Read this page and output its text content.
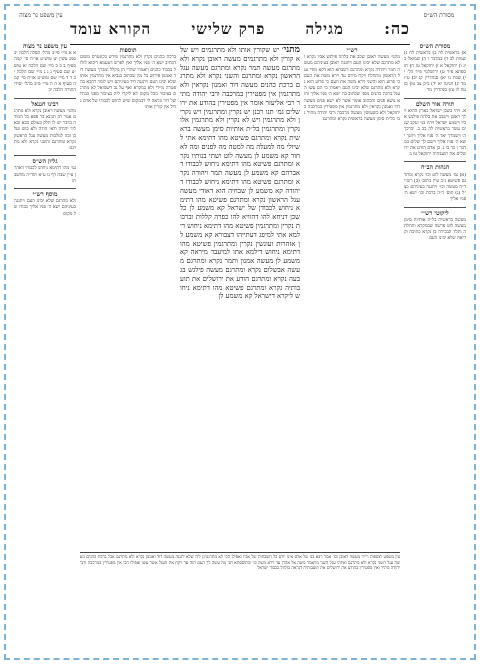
מסורת הש״ס
עין משפט נר מצוה
כה:
מגילה
פרק שלישי
הקורא עומד
מסורת הש״ס
א) בראשית לה ב) בראשית לח ג) שמות לב ד) במדבר ו ה) שמואל ב יג ו) יחזקאל א ז) יחזקאל טז ח) תוספתא פ״ד ט) ירושלמי פ״ד הל׳ י י) שבת נו יא) סנהדרין קג יב) ע״ז מד יג) חגיגה יא יד) ב״ק צב טו) סוטה לו טז) סנהדרין מד
תורה אור השלם
א. ויהי בשכן ישראל בארץ ההוא וילך ראובן וישכב את בלהה פילגש אביו וישמע ישראל ויהיו בני יעקב שנים עשר בראשית לה כב ב. יברכך ה׳ וישמרך יאר ה׳ פניו אליך ויחנך ישא ה׳ פניו אליך וישם לך שלום במדבר ו כד כו ג. בן אדם הודע את ירושלים את תועבתיה יחזקאל טז ב
הגהות הב״ח
(א) גמ׳ מעשה לוט וכו׳ נקרא ומתרגם פשיטא נ״ב עיין בתוס׳ (ב) רש״י ד״ה מעשה וכו׳ ויתגנה בעיניהם כצ״ל (ג) תוס׳ ד״ה ברכת וכו׳ ישא ה׳ פניו אליך
ליקוטי רש״י
מעשה בראשית בל״ת אותיות סימן מעשה לוט פרשה שבמקרא ותחלתה ותלד הבכירה בן נקרא כתיבה וקריאה שלא יבינו העם
רש״י
מתני׳ מעשה ראובן שכב את בלהה פילגש אביו נקרא ולא מתרגם שלא יבינו העם ויתגנה ראובן בעיניהם מעשה תמר ויהודה נקרא ומתרגם דשבחא הוא דקא מודי עגל הראשון מתחלת ויקח מידם עד וירא משה את העם כי פרוע הוא והשני וירא משה את העם כי פרוע הוא נקרא ולא מתרגם שלא יבינו העם ויאמרו כי הם עשו העגל ברכת כהנים מפני שכתוב בה ישא ה׳ פניו אליך והוא נושא פנים והכתוב אומר אשר לא ישא פנים מעשה דוד ואמנון נקראין ולא מתרגמין אין מפטירין במרכבה ביחזקאל ולא כשעושין מעשה מרכבה ורבי יהודה מתיר גמ׳ בל״ת סימן מעשה בראשית נקרא ומתרגם
מתני׳ יש שקורין אותו ולא מתרגמים ויש שלא קורין ולא מתרגמים מעשה ראובן נקרא ולא מתרגם מעשה תמר נקרא ומתרגם מעשה עגל הראשון נקרא ומתרגם והשני נקרא ולא מתרגם ברכת כהנים מעשה דוד ואמנון נקראין ולא מתרגמין אין מפטירין במרכבה ורבי יהודה מתיר רבי אליעזר אומר אין מפטירין בהודע את ירושלים גמ׳ תנו רבנן יש נקרין ומתרגמין ויש נקרין ולא מתרגמין ויש לא נקרין ולא מתרגמין אלו נקרין ומתרגמין בל״ת אותיות סימן מעשה בראשית נקרא ומתרגם פשיטא מהו דתימא אתי לשיולי מה למעלה מה למטה מה לפנים ומה לאחור קא משמע לן מעשה לוט ושתי בנותיו נקרא ומתרגם פשיטא מהו דתימא ניחוש לכבודו דאברהם קא משמע לן מעשה תמר ויהודה נקרא ומתרגם פשיטא מהו דתימא ניחוש לכבודו דיהודה קא משמע לן שבחיה הוא דאודי מעשה עגל הראשון נקרא ומתרגם פשיטא מהו דתימא ניחוש לכבודן של ישראל קא משמע לן כל שכן דניחא להו דהוויא להו כפרה קללות וברכות נקרין ומתרגמין פשיטא מהו דתימא ניחוש דילמא אתי למיפג דעתייהו דצבורא קא משמע לן אזהרות ועונשין נקרין ומתרגמין פשיטא מהו דתימא ניחוש דילמא אתו למיעבד מיראה קא משמע לן מעשה אמנון ותמר נקרא ומתרגם מעשה אבשלום נקרא ומתרגם מעשה פילגש בגבעה נקרא ומתרגם הודע את ירושלים את תועבותיה נקרא ומתרגם פשיטא מהו דתימא ניחוש ליקרא דישראל קא משמע לן
תוספות
ברכת כהנים נקרין ולא מתרגמין פירש בקונטרס משום דכתיב ישא ה׳ פניו אליך ואין לפרש דטעמא דיבוא לזלזל בכבוד כהנים ויאמרו שהרי הן מקלל ומברך מעשה דוד ואמנון פירוש כל מה שכתוב בנביא אין מתרגמין אותו שלא יבינו העם ויתגנה דוד בעיניהם ויש לומר דהכא בהפטרה מיירי ולא במקרא ואף על גב דשמואל לא מתרגם בציבור מכל מקום לא ליקרי ליה בציבור מפני כבודו של דוד ונראה לי דבמקום שיש לחוש לכבודו של אדם גדול אין קורין אותו
עין משפט נר מצוה
א א מיי׳ פי״ב מהל׳ תפלה הלכה יב סמג עשין יט טוש״ע או״ח סי׳ קמה סעיף ב ב ב מיי׳ שם הלכה יא טוש״ע שם סעיף ג ג ג מיי׳ שם הלכה יב ד ד מיי׳ שם טוש״ע או״ח סי׳ קמה סעיף א ה ה מיי׳ פ״ב מהל׳ יסודי התורה הלכה יב
רבינו חננאל
מתני׳ מעשה ראובן נקרא ולא מתרגם אמר רב חנינא בר פפא כל המודה בדבר יש לו חלק בעולם הבא ובא ליד יהודה ודאי הודה ולא בוש ועל כן זכה למלכות מעשה עגל הראשון נקרא ומתרגם והשני נקרא ולא מתרגם
גליון הש״ס
גמ׳ מהו דתימא ניחוש לכבודו דאהרן עיין שבת דף נו ע״א תוד״ה מחשבתו
מוסף רש״י
ולא מתרגם שלא יבינו העם ויתגנה בעיניהם ישא ה׳ פניו אליך כבודו של מקום
עין משפט תוספות רי״ד מעשה ראובן וכו׳ אמר רבא בנו של אדם אינו יודע כל השבחות של אביו ואפילו הכי לא מתרגמינן ליה שלא יתגנה מעשה דוד ואמנון נקרא ולא מתרגם אבל ברכת כהנים מעשה עגל השני נקרא ולא מתרגם ואיזהו עגל השני מויאמר משה אל אהרן עד וירא משה כו׳ ובתוספתא תני מה עשה לך העם הזה עד ויקח את העגל אשר עשו ואפילו הכי אין מפטירין במרכבה ורבי יהודה מתיר ואין מפטירין בהודע את ירושלים את תועבותיה דנראה כזלזול בכבוד ישראל
